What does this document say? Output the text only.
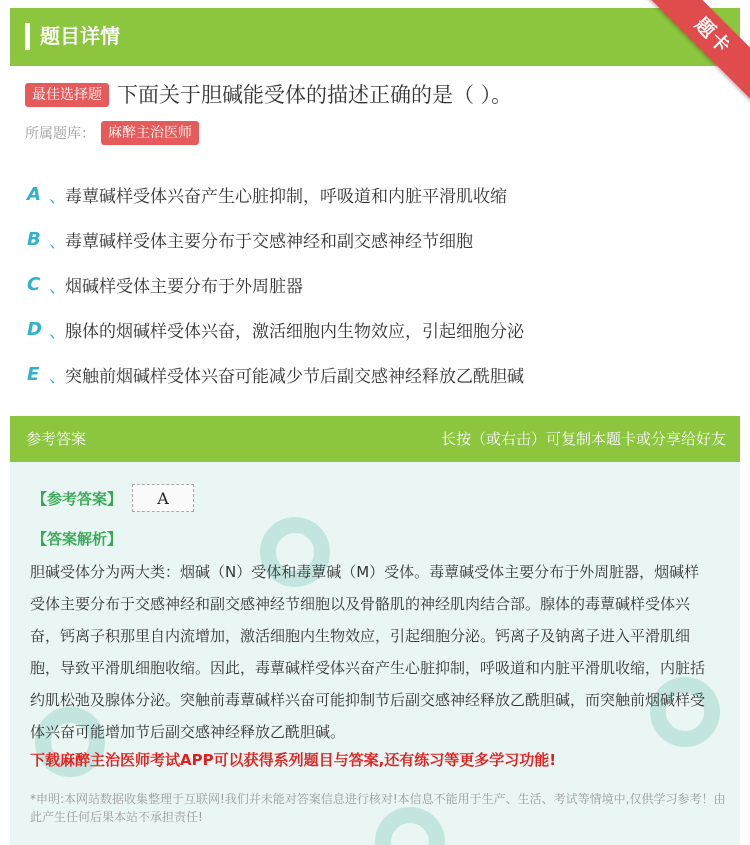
题目详情	题卡
最佳选择题 下面关于胆碱能受体的描述正确的是（ ）。
所属题库： 麻醉主治医师
A 、 毒蕈碱样受体兴奋产生心脏抑制，呼吸道和内脏平滑肌收缩
B 、 毒蕈碱样受体主要分布于交感神经和副交感神经节细胞
C 、 烟碱样受体主要分布于外周脏器
D 、 腺体的烟碱样受体兴奋，激活细胞内生物效应，引起细胞分泌
E 、 突触前烟碱样受体兴奋可能减少节后副交感神经释放乙酰胆碱
参考答案	长按（或右击）可复制本题卡或分享给好友
【参考答案】	A
【答案解析】
胆碱受体分为两大类：烟碱（N）受体和毒蕈碱（M）受体。毒蕈碱受体主要分布于外周脏器，烟碱样受体主要分布于交感神经和副交感神经节细胞以及骨骼肌的神经肌肉结合部。腺体的毒蕈碱样受体兴奋，钙离子积那里自内流增加，激活细胞内生物效应，引起细胞分泌。钙离子及钠离子进入平滑肌细胞，导致平滑肌细胞收缩。因此，毒蕈碱样受体兴奋产生心脏抑制，呼吸道和内脏平滑肌收缩，内脏括约肌松弛及腺体分泌。突触前毒蕈碱样兴奋可能抑制节后副交感神经释放乙酰胆碱，而突触前烟碱样受体兴奋可能增加节后副交感神经释放乙酰胆碱。
下载麻醉主治医师考试APP可以获得系列题目与答案,还有练习等更多学习功能!
*申明:本网站数据收集整理于互联网!我们并未能对答案信息进行核对!本信息不能用于生产、生活、考试等情境中,仅供学习参考！由此产生任何后果本站不承担责任!
